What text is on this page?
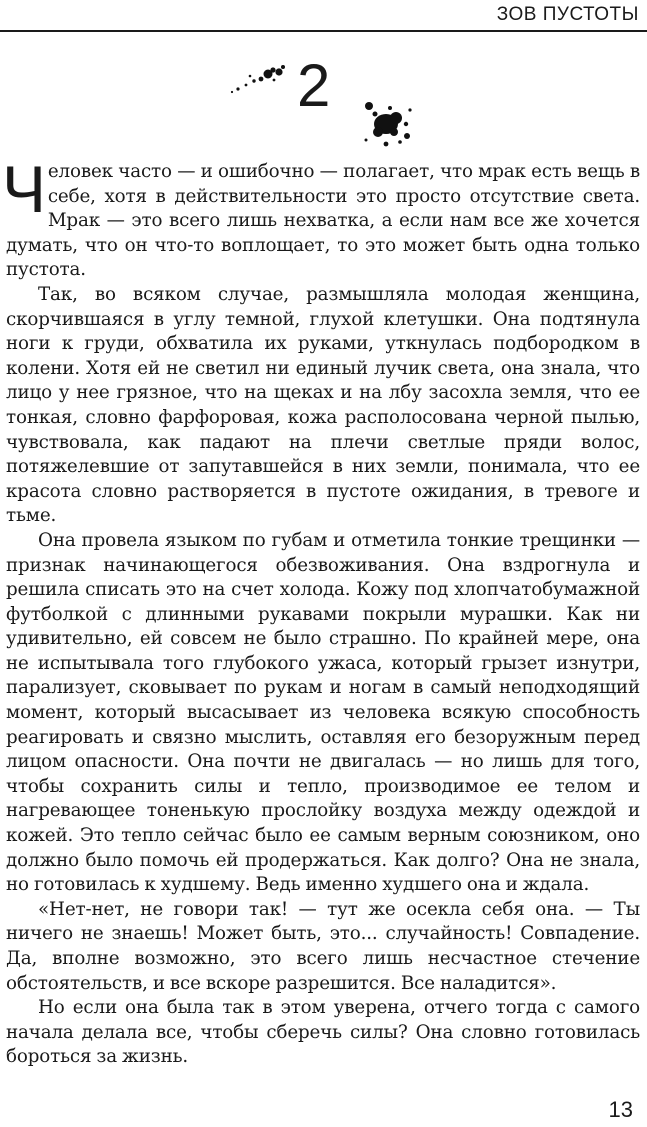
ЗОВ ПУСТОТЫ
2

Человек часто — и ошибочно — полагает, что мрак есть вещь в себе, хотя в действительности это просто отсутствие света. Мрак — это всего лишь нехватка, а если нам все же хочется думать, что он что-то воплощает, то это может быть одна только пустота.

Так, во всяком случае, размышляла молодая женщина, скорчившаяся в углу темной, глухой клетушки. Она подтянула ноги к груди, обхватила их руками, уткнулась подбородком в колени. Хотя ей не светил ни единый лучик света, она знала, что лицо у нее грязное, что на щеках и на лбу засохла земля, что ее тонкая, словно фарфоровая, кожа располосована черной пылью, чувствовала, как падают на плечи светлые пряди волос, потяжелевшие от запутавшейся в них земли, понимала, что ее красота словно растворяется в пустоте ожидания, в тревоге и тьме.

Она провела языком по губам и отметила тонкие трещинки — признак начинающегося обезвоживания. Она вздрогнула и решила списать это на счет холода. Кожу под хлопчатобумажной футболкой с длинными рукавами покрыли мурашки. Как ни удивительно, ей совсем не было страшно. По крайней мере, она не испытывала того глубокого ужаса, который грызет изнутри, парализует, сковывает по рукам и ногам в самый неподходящий момент, который высасывает из человека всякую способность реагировать и связно мыслить, оставляя его безоружным перед лицом опасности. Она почти не двигалась — но лишь для того, чтобы сохранить силы и тепло, производимое ее телом и нагревающее тоненькую прослойку воздуха между одеждой и кожей. Это тепло сейчас было ее самым верным союзником, оно должно было помочь ей продержаться. Как долго? Она не знала, но готовилась к худшему. Ведь именно худшего она и ждала.

«Нет-нет, не говори так! — тут же осекла себя она. — Ты ничего не знаешь! Может быть, это... случайность! Совпадение. Да, вполне возможно, это всего лишь несчастное стечение обстоятельств, и все вскоре разрешится. Все наладится».

Но если она была так в этом уверена, отчего тогда с самого начала делала все, чтобы сберечь силы? Она словно готовилась бороться за жизнь.

13
